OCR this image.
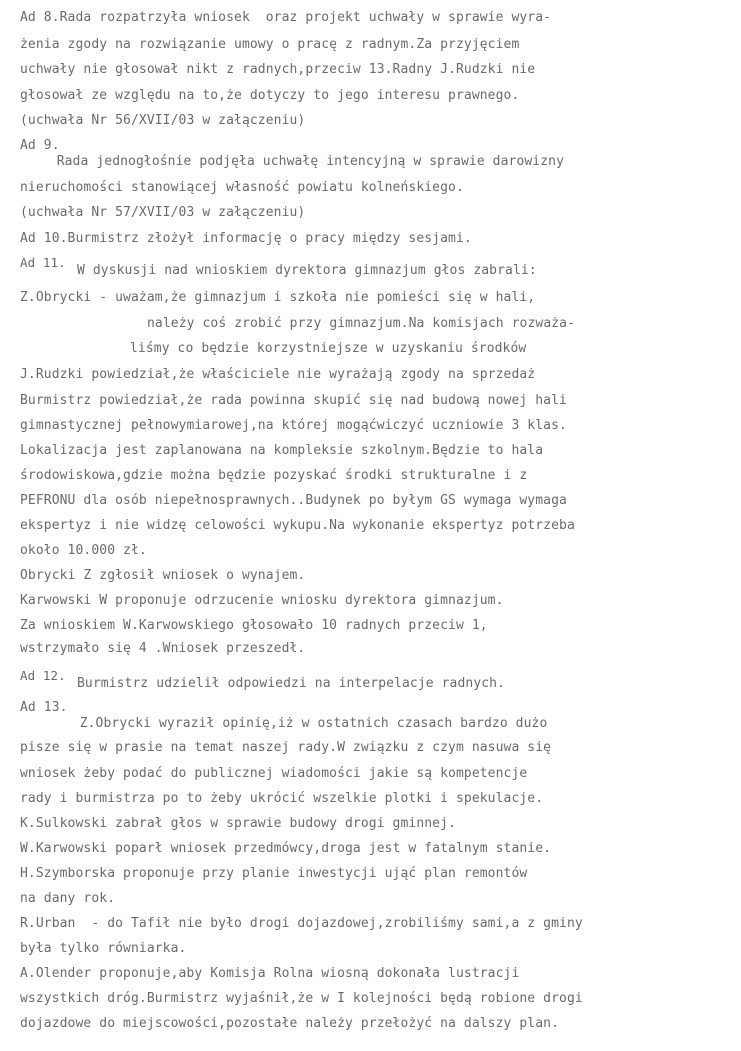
Ad 8.Rada rozpatrzyła wniosek  oraz projekt uchwały w sprawie wyra-
żenia zgody na rozwiązanie umowy o pracę z radnym.Za przyjęciem
uchwały nie głosował nikt z radnych,przeciw 13.Radny J.Rudzki nie
głosował ze względu na to,że dotyczy to jego interesu prawnego.
(uchwała Nr 56/XVII/03 w załączeniu)
Ad 9.
Rada jednogłośnie podjęła uchwałę intencyjną w sprawie darowizny
nieruchomości stanowiącej własność powiatu kolneńskiego.
(uchwała Nr 57/XVII/03 w załączeniu)
Ad 10.Burmistrz złożył informację o pracy między sesjami.
Ad 11.
W dyskusji nad wnioskiem dyrektora gimnazjum głos zabrali:
Z.Obrycki - uważam,że gimnazjum i szkoła nie pomieści się w hali,
należy coś zrobić przy gimnazjum.Na komisjach rozważa-
liśmy co będzie korzystniejsze w uzyskaniu środków
J.Rudzki powiedział,że właściciele nie wyrażają zgody na sprzedaż
Burmistrz powiedział,że rada powinna skupić się nad budową nowej hali
gimnastycznej pełnowymiarowej,na której mogąćwiczyć uczniowie 3 klas.
Lokalizacja jest zaplanowana na kompleksie szkolnym.Będzie to hala
środowiskowa,gdzie można będzie pozyskać środki strukturalne i z
PEFRONU dla osób niepełnosprawnych..Budynek po byłym GS wymaga wymaga
ekspertyz i nie widzę celowości wykupu.Na wykonanie ekspertyz potrzeba
około 10.000 zł.
Obrycki Z zgłosił wniosek o wynajem.
Karwowski W proponuje odrzucenie wniosku dyrektora gimnazjum.
Za wnioskiem W.Karwowskiego głosowało 10 radnych przeciw 1,
wstrzymało się 4 .Wniosek przeszedł.
Ad 12.
Burmistrz udzielił odpowiedzi na interpelacje radnych.
Ad 13.
Z.Obrycki wyraził opinię,iż w ostatnich czasach bardzo dużo
pisze się w prasie na temat naszej rady.W związku z czym nasuwa się
wniosek żeby podać do publicznej wiadomości jakie są kompetencje
rady i burmistrza po to żeby ukrócić wszelkie plotki i spekulacje.
K.Sulkowski zabrał głos w sprawie budowy drogi gminnej.
W.Karwowski poparł wniosek przedmówcy,droga jest w fatalnym stanie.
H.Szymborska proponuje przy planie inwestycji ująć plan remontów
na dany rok.
R.Urban  - do Tafił nie było drogi dojazdowej,zrobiliśmy sami,a z gminy
była tylko równiarka.
A.Olender proponuje,aby Komisja Rolna wiosną dokonała lustracji
wszystkich dróg.Burmistrz wyjaśnił,że w I kolejności będą robione drogi
dojazdowe do miejscowości,pozostałe należy przełożyć na dalszy plan.
